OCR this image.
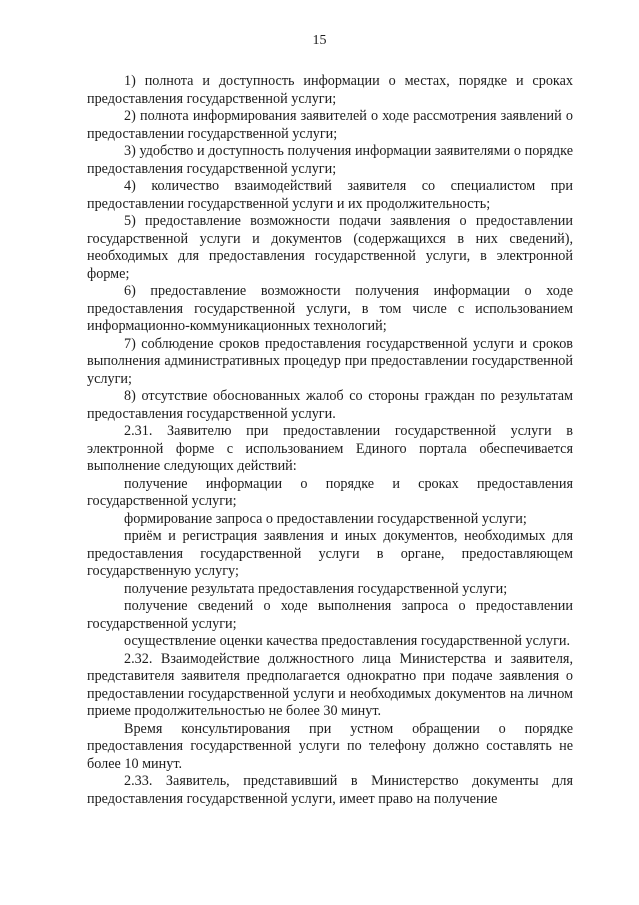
15

1) полнота и доступность информации о местах, порядке и сроках предоставления государственной услуги;

2) полнота информирования заявителей о ходе рассмотрения заявлений о предоставлении государственной услуги;

3) удобство и доступность получения информации заявителями о порядке предоставления государственной услуги;

4) количество взаимодействий заявителя со специалистом при предоставлении государственной услуги и их продолжительность;

5) предоставление возможности подачи заявления о предоставлении государственной услуги и документов (содержащихся в них сведений), необходимых для предоставления государственной услуги, в электронной форме;

6) предоставление возможности получения информации о ходе предоставления государственной услуги, в том числе с использованием информационно-коммуникационных технологий;

7) соблюдение сроков предоставления государственной услуги и сроков выполнения административных процедур при предоставлении государственной услуги;

8) отсутствие обоснованных жалоб со стороны граждан по результатам предоставления государственной услуги.

2.31. Заявителю при предоставлении государственной услуги в электронной форме с использованием Единого портала обеспечивается выполнение следующих действий:

получение информации о порядке и сроках предоставления государственной услуги;

формирование запроса о предоставлении государственной услуги;

приём и регистрация заявления и иных документов, необходимых для предоставления государственной услуги в органе, предоставляющем государственную услугу;

получение результата предоставления государственной услуги;

получение сведений о ходе выполнения запроса о предоставлении государственной услуги;

осуществление оценки качества предоставления государственной услуги.

2.32. Взаимодействие должностного лица Министерства и заявителя, представителя заявителя предполагается однократно при подаче заявления о предоставлении государственной услуги и необходимых документов на личном приеме продолжительностью не более 30 минут.

Время консультирования при устном обращении о порядке предоставления государственной услуги по телефону должно составлять не более 10 минут.

2.33. Заявитель, представивший в Министерство документы для предоставления государственной услуги, имеет право на получение
